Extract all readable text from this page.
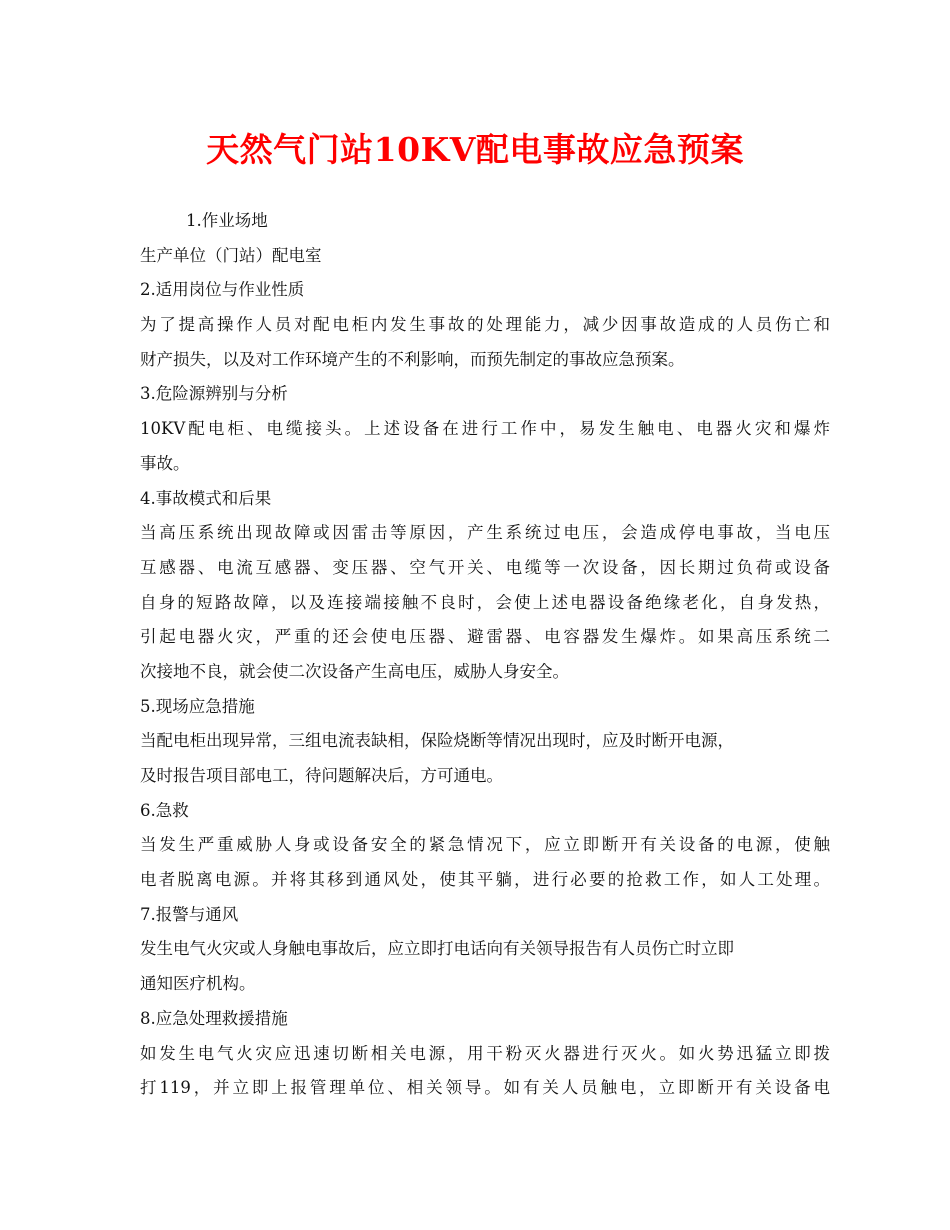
天然气门站10KV配电事故应急预案
1.作业场地
生产单位（门站）配电室
2.适用岗位与作业性质
为了提高操作人员对配电柜内发生事故的处理能力，减少因事故造成的人员伤亡和
财产损失，以及对工作环境产生的不利影响，而预先制定的事故应急预案。
3.危险源辨别与分析
10KV配电柜、电缆接头。上述设备在进行工作中，易发生触电、电器火灾和爆炸
事故。
4.事故模式和后果
当高压系统出现故障或因雷击等原因，产生系统过电压，会造成停电事故，当电压
互感器、电流互感器、变压器、空气开关、电缆等一次设备，因长期过负荷或设备
自身的短路故障，以及连接端接触不良时，会使上述电器设备绝缘老化，自身发热，
引起电器火灾，严重的还会使电压器、避雷器、电容器发生爆炸。如果高压系统二
次接地不良，就会使二次设备产生高电压，威胁人身安全。
5.现场应急措施
当配电柜出现异常，三组电流表缺相，保险烧断等情况出现时，应及时断开电源，
及时报告项目部电工，待问题解决后，方可通电。
6.急救
当发生严重威胁人身或设备安全的紧急情况下，应立即断开有关设备的电源，使触
电者脱离电源。并将其移到通风处，使其平躺，进行必要的抢救工作，如人工处理。
7.报警与通风
发生电气火灾或人身触电事故后，应立即打电话向有关领导报告有人员伤亡时立即
通知医疗机构。
8.应急处理救援措施
如发生电气火灾应迅速切断相关电源，用干粉灭火器进行灭火。如火势迅猛立即拨
打119，并立即上报管理单位、相关领导。如有关人员触电，立即断开有关设备电
